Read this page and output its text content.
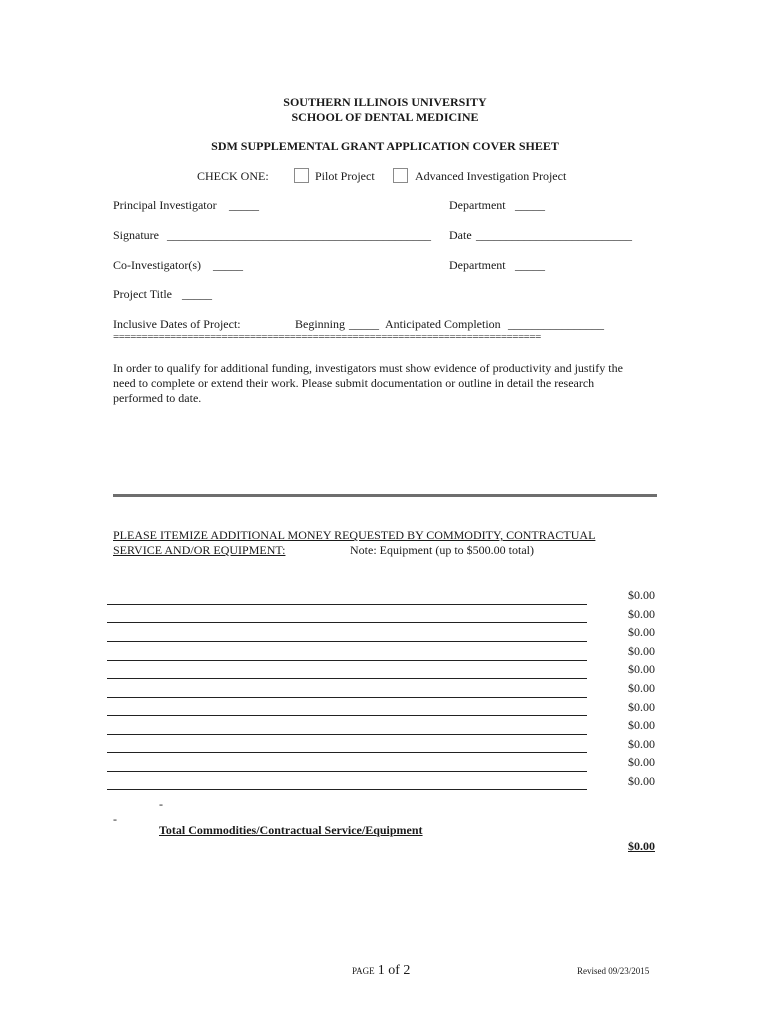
SOUTHERN ILLINOIS UNIVERSITY
SCHOOL OF DENTAL MEDICINE
SDM SUPPLEMENTAL GRANT APPLICATION COVER SHEET
CHECK ONE:	Pilot Project	Advanced Investigation Project
Principal Investigator _____	Department _____
Signature ____________________________________________ Date __________________________
Co-Investigator(s) _____	Department _____
Project Title _____
Inclusive Dates of Project:	Beginning _____ Anticipated Completion ________________
===========================================================================
In order to qualify for additional funding, investigators must show evidence of productivity and justify the
need to complete or extend their work. Please submit documentation or outline in detail the research
performed to date.
PLEASE ITEMIZE ADDITIONAL MONEY REQUESTED BY COMMODITY, CONTRACTUAL
SERVICE AND/OR EQUIPMENT:	Note: Equipment (up to $500.00 total)
$0.00
$0.00
$0.00
$0.00
$0.00
$0.00
$0.00
$0.00
$0.00
$0.00
$0.00
-
-
Total Commodities/Contractual Service/Equipment
$0.00
PAGE 1 of 2	Revised 09/23/2015
